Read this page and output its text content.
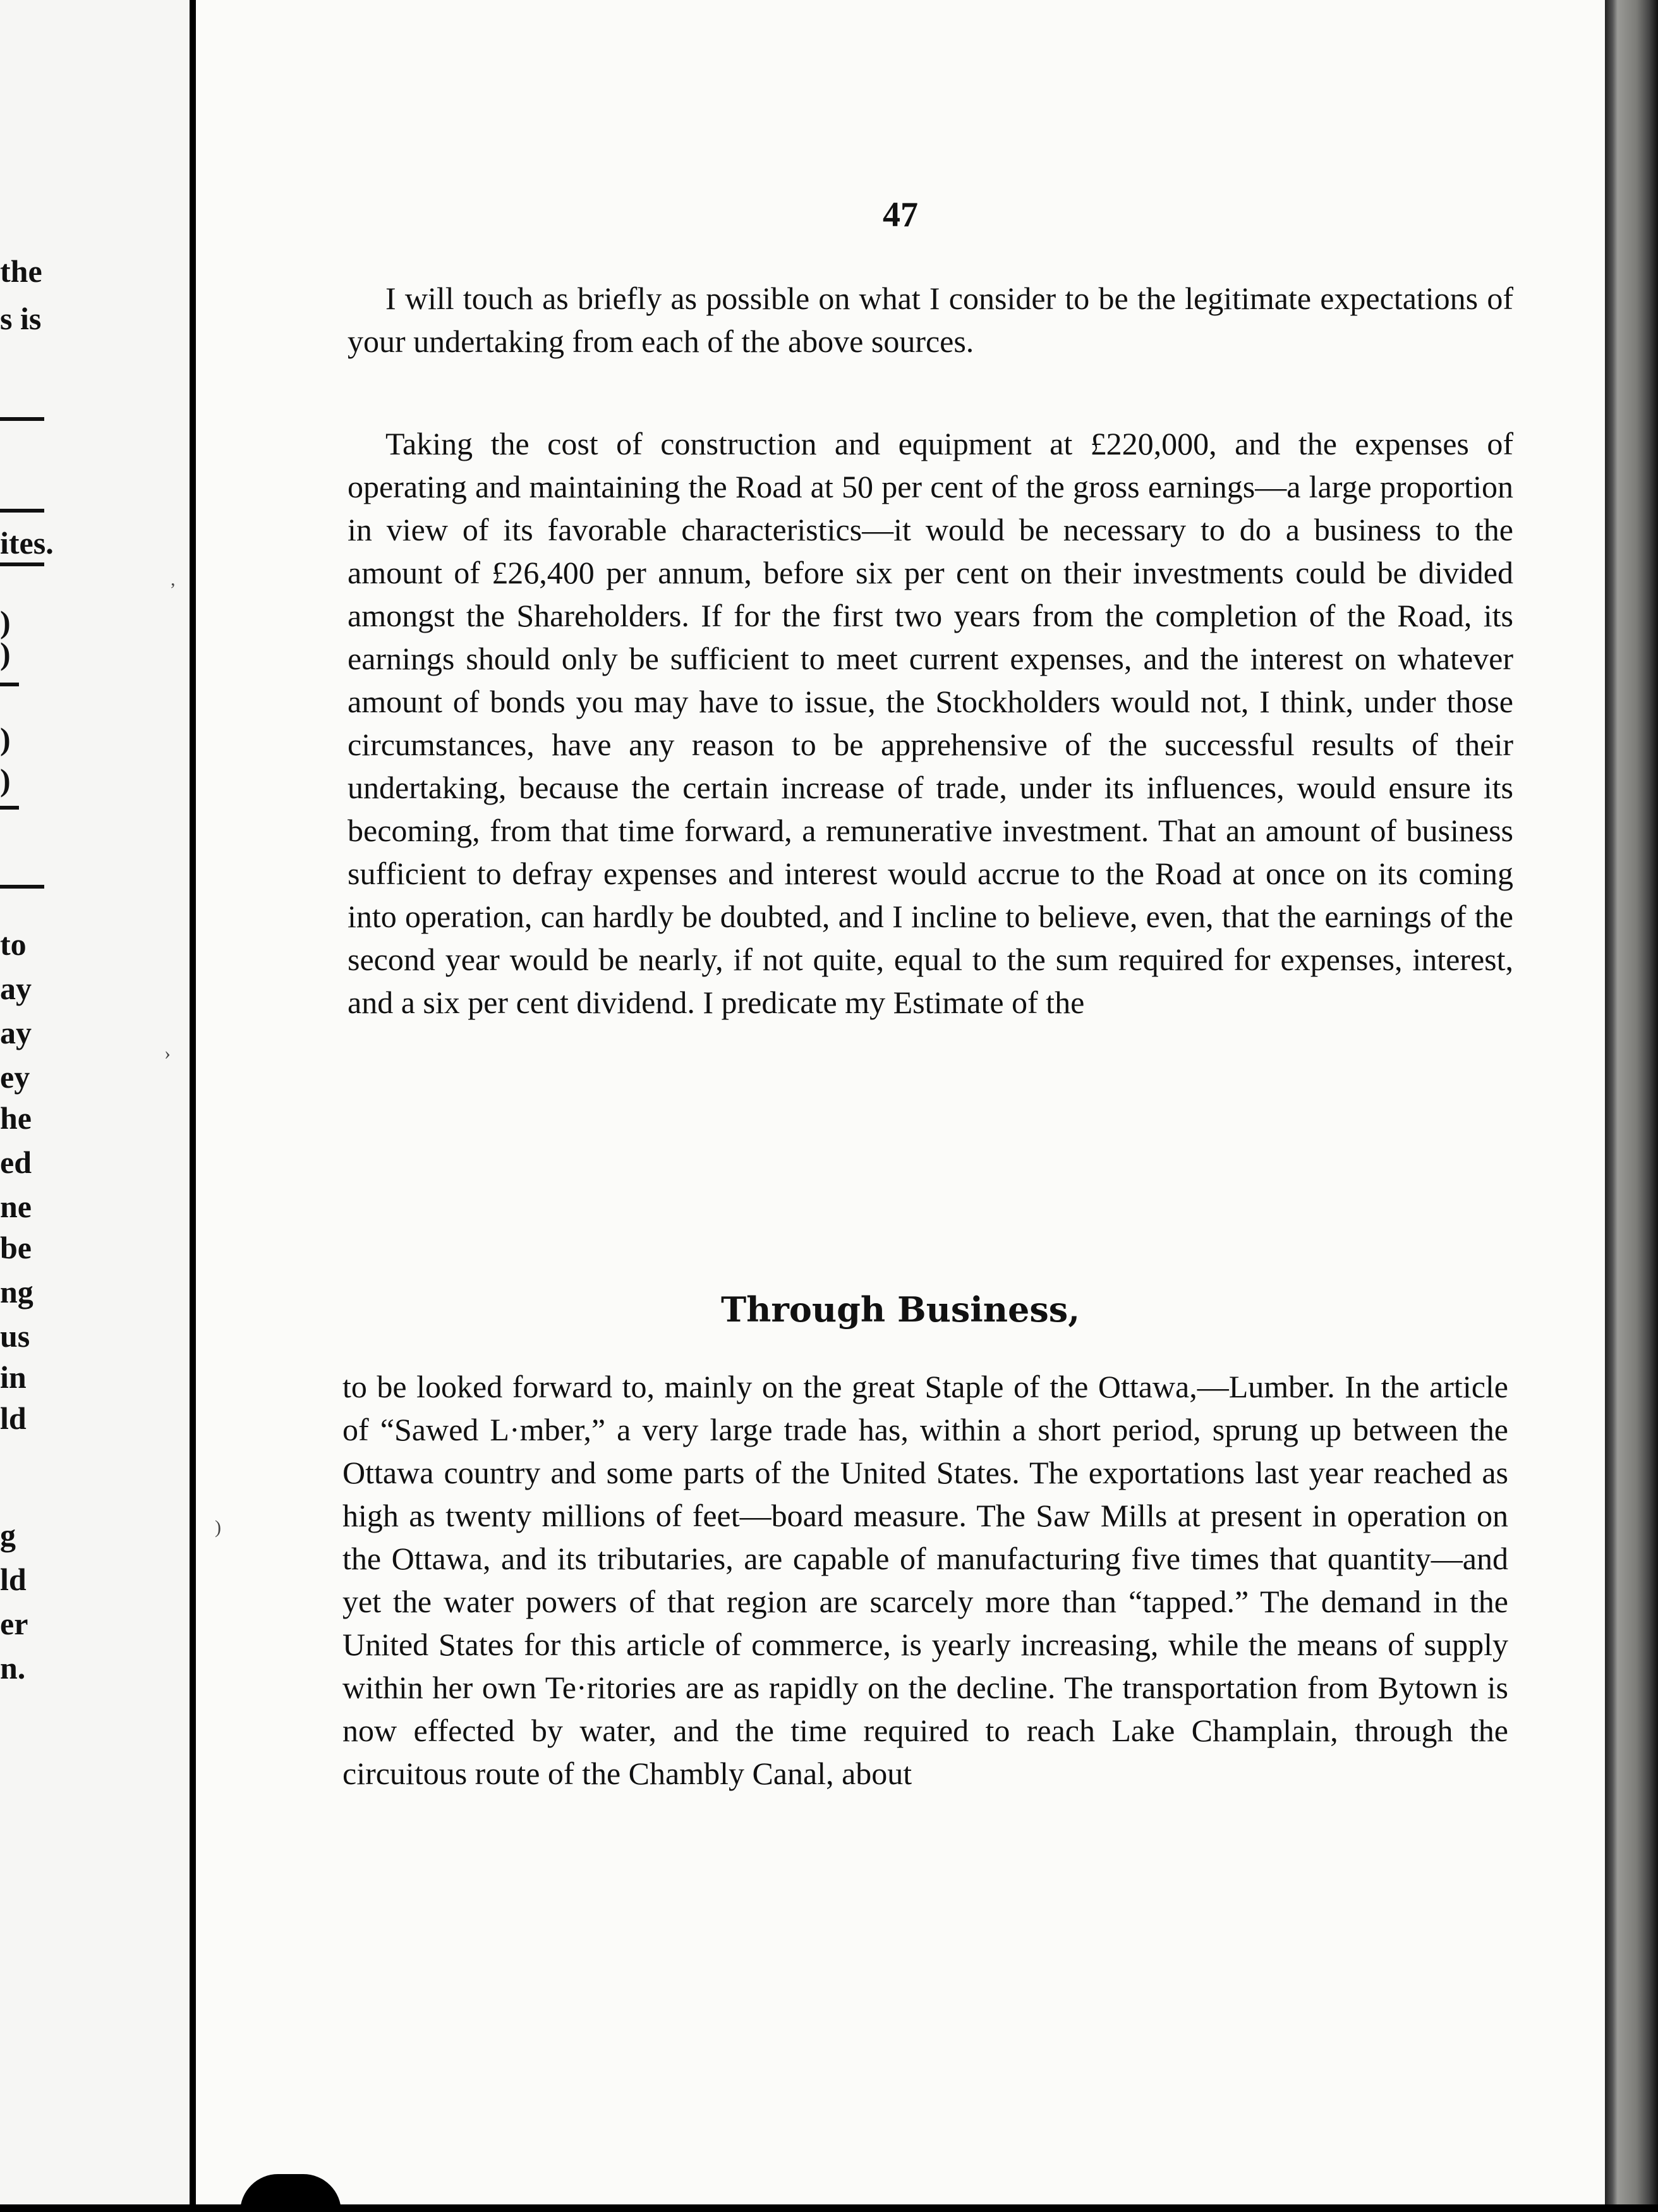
the
s is
ites.
)
)
)
)
to
ay
ay
ey
he
ed
ne
be
ng
us
in
ld
g
ld
er
n.
47

I will touch as briefly as possible on what I consider to be the legitimate expectations of your undertaking from each of the above sources.

Taking the cost of construction and equipment at £220,000, and the expenses of operating and maintaining the Road at 50 per cent of the gross earnings—a large proportion in view of its favorable characteristics—it would be necessary to do a business to the amount of £26,400 per annum, before six per cent on their investments could be divided amongst the Shareholders. If for the first two years from the completion of the Road, its earnings should only be sufficient to meet current expenses, and the interest on whatever amount of bonds you may have to issue, the Stockholders would not, I think, under those circumstances, have any reason to be apprehensive of the successful results of their undertaking, because the certain increase of trade, under its influences, would ensure its becoming, from that time forward, a remunerative investment. That an amount of business sufficient to defray expenses and interest would accrue to the Road at once on its coming into operation, can hardly be doubted, and I incline to believe, even, that the earnings of the second year would be nearly, if not quite, equal to the sum required for expenses, interest, and a six per cent dividend. I predicate my Estimate of the

Through Business,

to be looked forward to, mainly on the great Staple of the Ottawa,—Lumber. In the article of “Sawed L·mber,” a very large trade has, within a short period, sprung up between the Ottawa country and some parts of the United States. The exportations last year reached as high as twenty millions of feet—board measure. The Saw Mills at present in operation on the Ottawa, and its tributaries, are capable of manufacturing five times that quantity—and yet the water powers of that region are scarcely more than “tapped.” The demand in the United States for this article of commerce, is yearly increasing, while the means of supply within her own Te·ritories are as rapidly on the decline. The transportation from Bytown is now effected by water, and the time required to reach Lake Champlain, through the circuitous route of the Chambly Canal, about

,
›
)
